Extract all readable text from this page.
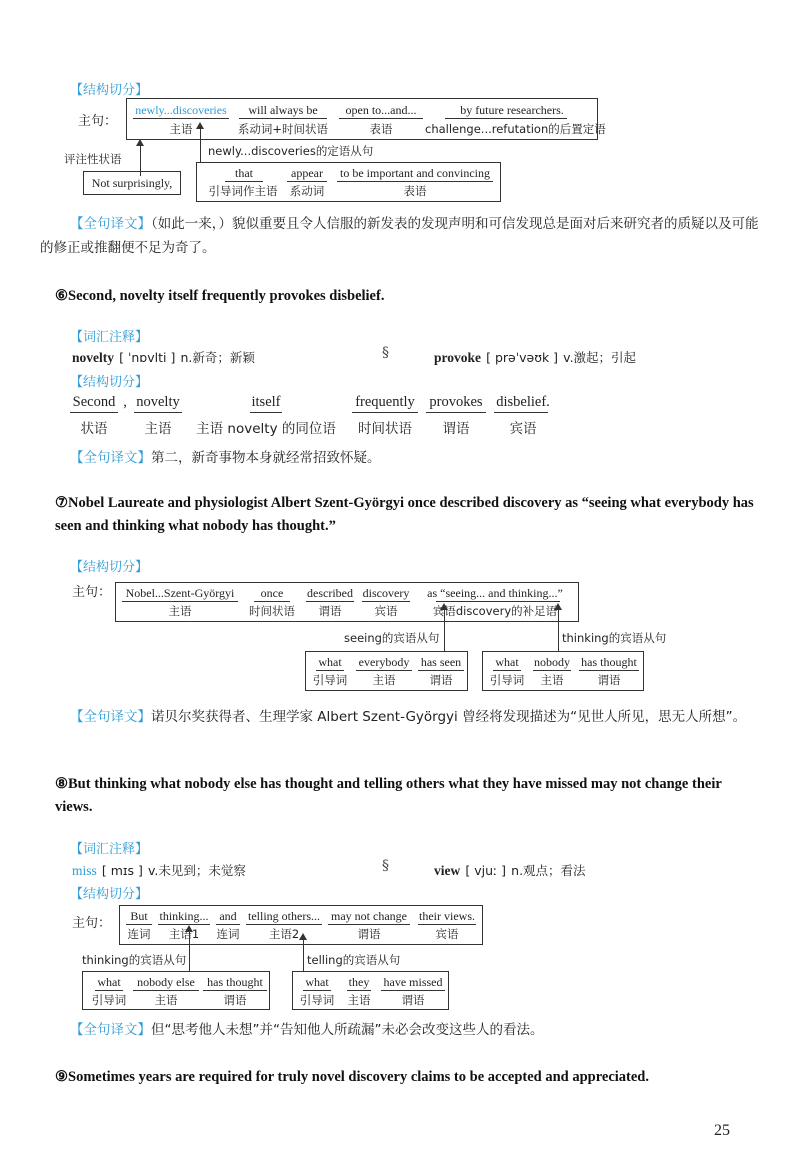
【结构切分】
主句：
newly...discoveries
主语
will always be
系动词+时间状语
open to...and...
表语
by future researchers.
challenge...refutation的后置定语
评注性状语
newly...discoveries的定语从句
Not surprisingly,
that
引导词作主语
appear
系动词
to be important and convincing
表语
【全句译文】（如此一来，）貌似重要且令人信服的新发表的发现声明和可信发现总是面对后来研究者的质疑以及可能的修正或推翻便不足为奇了。
⑥Second, novelty itself frequently provokes disbelief.
【词汇注释】
novelty [ ˈnɒvlti ] n.新奇；新颖	§	provoke [ prəˈvəʊk ] v.激起；引起
【结构切分】
Second
状语
, novelty
主语
itself
主语 novelty 的同位语
frequently
时间状语
provokes
谓语
disbelief.
宾语
【全句译文】第二，新奇事物本身就经常招致怀疑。
⑦Nobel Laureate and physiologist Albert Szent-Györgyi once described discovery as “seeing what everybody has seen and thinking what nobody has thought.”
【结构切分】
主句：	Nobel...Szent-Györgyi
主语
once
时间状语
described
谓语
discovery
宾语
as “seeing... and thinking...”
宾语discovery的补足语
seeing的宾语从句	thinking的宾语从句
what
引导词
everybody
主语
has seen
谓语
what
引导词
nobody
主语
has thought
谓语
【全句译文】诺贝尔奖获得者、生理学家 Albert Szent-Györgyi 曾经将发现描述为“见世人所见，思无人所想”。
⑧But thinking what nobody else has thought and telling others what they have missed may not change their views.
【词汇注释】
miss [ mɪs ] v.未见到；未觉察	§	view [ vjuː ] n.观点；看法
【结构切分】
主句：	But
连词
thinking...
主语1
and
连词
telling others...
主语2
may not change
谓语
their views.
宾语
thinking的宾语从句	telling的宾语从句
what
引导词
nobody else
主语
has thought
谓语
what
引导词
they
主语
have missed
谓语
【全句译文】但“思考他人未想”并“告知他人所疏漏”未必会改变这些人的看法。
⑨Sometimes years are required for truly novel discovery claims to be accepted and appreciated.
25
